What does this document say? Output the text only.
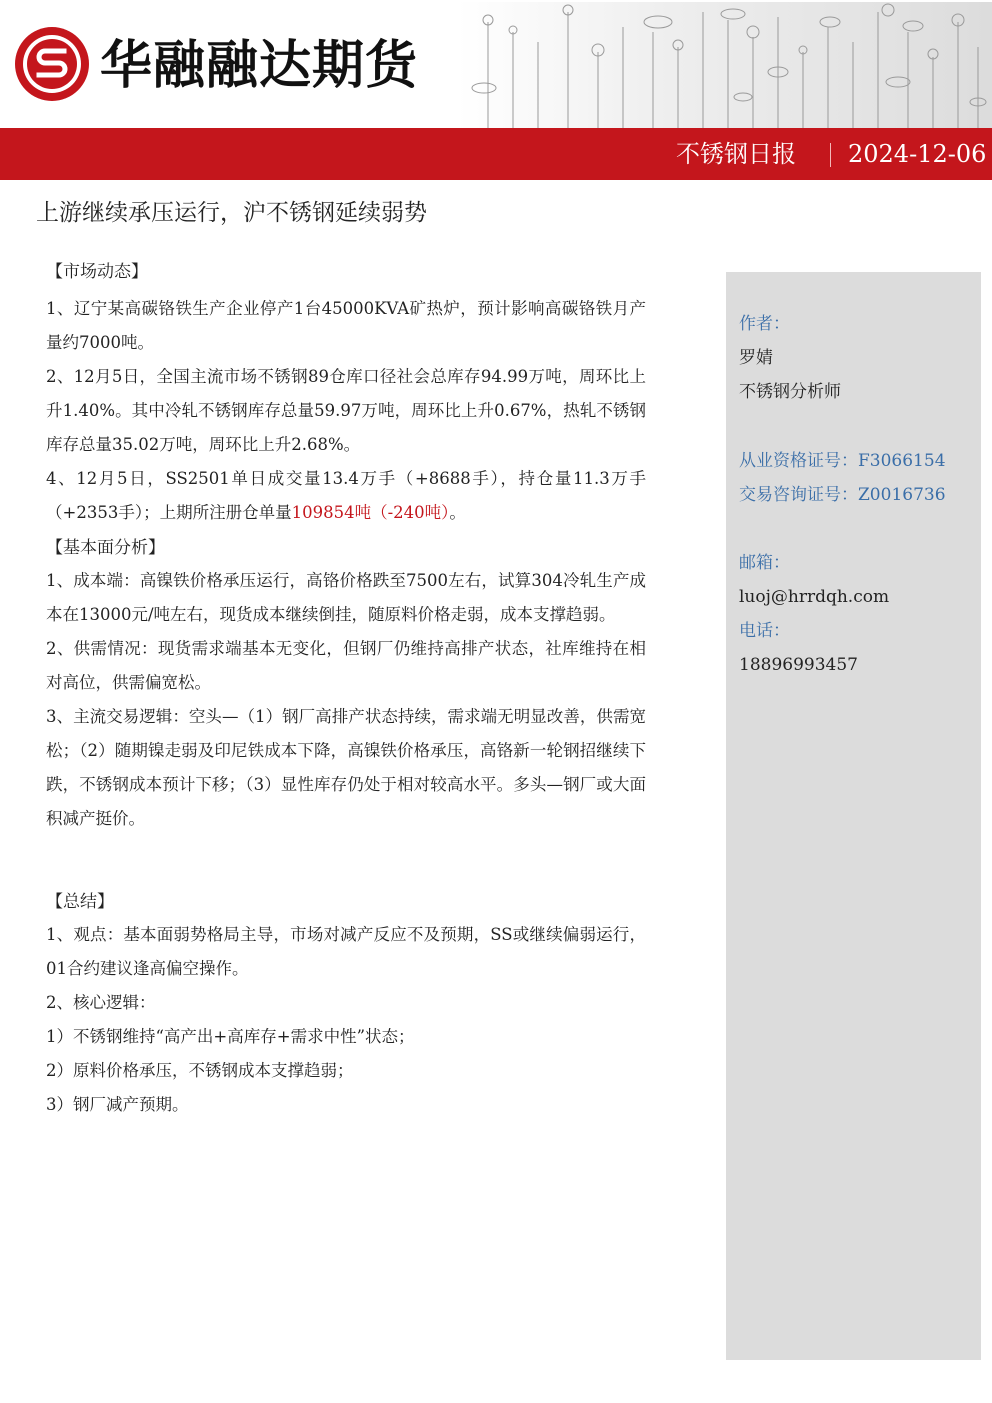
华融融达期货
不锈钢日报 2024-12-06
上游继续承压运行，沪不锈钢延续弱势
作者：
罗婧
不锈钢分析师
从业资格证号：F3066154
交易咨询证号：Z0016736
邮箱：
luoj@hrrdqh.com
电话：
18896993457

【市场动态】

1、辽宁某高碳铬铁生产企业停产1台45000KVA矿热炉，预计影响高碳铬铁月产量约7000吨。

2、12月5日，全国主流市场不锈钢89仓库口径社会总库存94.99万吨，周环比上升1.40%。其中冷轧不锈钢库存总量59.97万吨，周环比上升0.67%，热轧不锈钢库存总量35.02万吨，周环比上升2.68%。

4、12月5日，SS2501单日成交量13.4万手（+8688手），持仓量11.3万手（+2353手）；上期所注册仓单量109854吨（-240吨）。

【基本面分析】

1、成本端：高镍铁价格承压运行，高铬价格跌至7500左右，试算304冷轧生产成本在13000元/吨左右，现货成本继续倒挂，随原料价格走弱，成本支撑趋弱。

2、供需情况：现货需求端基本无变化，但钢厂仍维持高排产状态，社库维持在相对高位，供需偏宽松。

3、主流交易逻辑：空头—（1）钢厂高排产状态持续，需求端无明显改善，供需宽松；（2）随期镍走弱及印尼铁成本下降，高镍铁价格承压，高铬新一轮钢招继续下跌，不锈钢成本预计下移；（3）显性库存仍处于相对较高水平。多头—钢厂或大面积减产挺价。

【总结】

1、观点：基本面弱势格局主导，市场对减产反应不及预期，SS或继续偏弱运行，01合约建议逢高偏空操作。

2、核心逻辑：

1）不锈钢维持“高产出+高库存+需求中性”状态；

2）原料价格承压，不锈钢成本支撑趋弱；

3）钢厂减产预期。
